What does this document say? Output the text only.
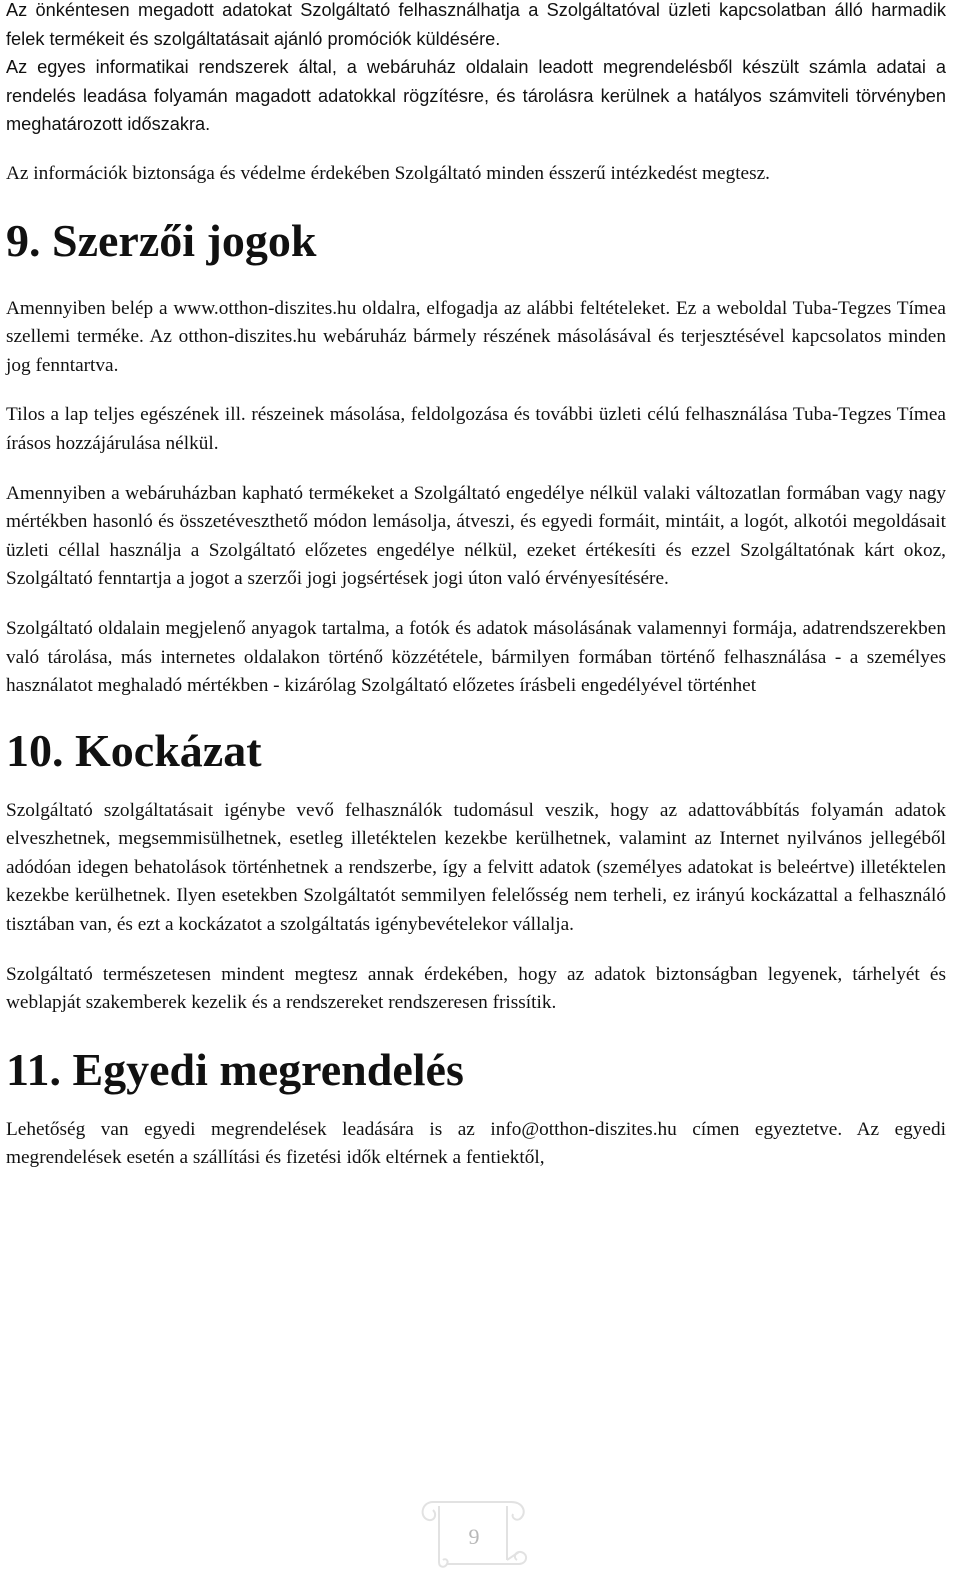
Az önkéntesen megadott adatokat Szolgáltató felhasználhatja a Szolgáltatóval üzleti kapcsolatban álló harmadik felek termékeit és szolgáltatásait ajánló promóciók küldésére.

Az egyes informatikai rendszerek által, a webáruház oldalain leadott megrendelésből készült számla adatai a rendelés leadása folyamán magadott adatokkal rögzítésre, és tárolásra kerülnek a hatályos számviteli törvényben meghatározott időszakra.

Az információk biztonsága és védelme érdekében Szolgáltató minden ésszerű intézkedést megtesz.

9. Szerzői jogok

Amennyiben belép a www.otthon-diszites.hu oldalra, elfogadja az alábbi feltételeket. Ez a weboldal Tuba-Tegzes Tímea szellemi terméke. Az otthon-diszites.hu webáruház bármely részének másolásával és terjesztésével kapcsolatos minden jog fenntartva.

Tilos a lap teljes egészének ill. részeinek másolása, feldolgozása és további üzleti célú felhasználása Tuba-Tegzes Tímea írásos hozzájárulása nélkül.

Amennyiben a webáruházban kapható termékeket a Szolgáltató engedélye nélkül valaki változatlan formában vagy nagy mértékben hasonló és összetéveszthető módon lemásolja, átveszi, és egyedi formáit, mintáit, a logót, alkotói megoldásait üzleti céllal használja a Szolgáltató előzetes engedélye nélkül, ezeket értékesíti és ezzel Szolgáltatónak kárt okoz, Szolgáltató fenntartja a jogot a szerzői jogi jogsértések jogi úton való érvényesítésére.

Szolgáltató oldalain megjelenő anyagok tartalma, a fotók és adatok másolásának valamennyi formája, adatrendszerekben való tárolása, más internetes oldalakon történő közzététele, bármilyen formában történő felhasználása - a személyes használatot meghaladó mértékben - kizárólag Szolgáltató előzetes írásbeli engedélyével történhet

10. Kockázat

Szolgáltató szolgáltatásait igénybe vevő felhasználók tudomásul veszik, hogy az adattovábbítás folyamán adatok elveszhetnek, megsemmisülhetnek, esetleg illetéktelen kezekbe kerülhetnek, valamint az Internet nyilvános jellegéből adódóan idegen behatolások történhetnek a rendszerbe, így a felvitt adatok (személyes adatokat is beleértve) illetéktelen kezekbe kerülhetnek. Ilyen esetekben Szolgáltatót semmilyen felelősség nem terheli, ez irányú kockázattal a felhasználó tisztában van, és ezt a kockázatot a szolgáltatás igénybevételekor vállalja.

Szolgáltató természetesen mindent megtesz annak érdekében, hogy az adatok biztonságban legyenek, tárhelyét és weblapját szakemberek kezelik és a rendszereket rendszeresen frissítik.

11. Egyedi megrendelés

Lehetőség van egyedi megrendelések leadására is az info@otthon-diszites.hu címen egyeztetve. Az egyedi megrendelések esetén a szállítási és fizetési idők eltérnek a fentiektől,

9
